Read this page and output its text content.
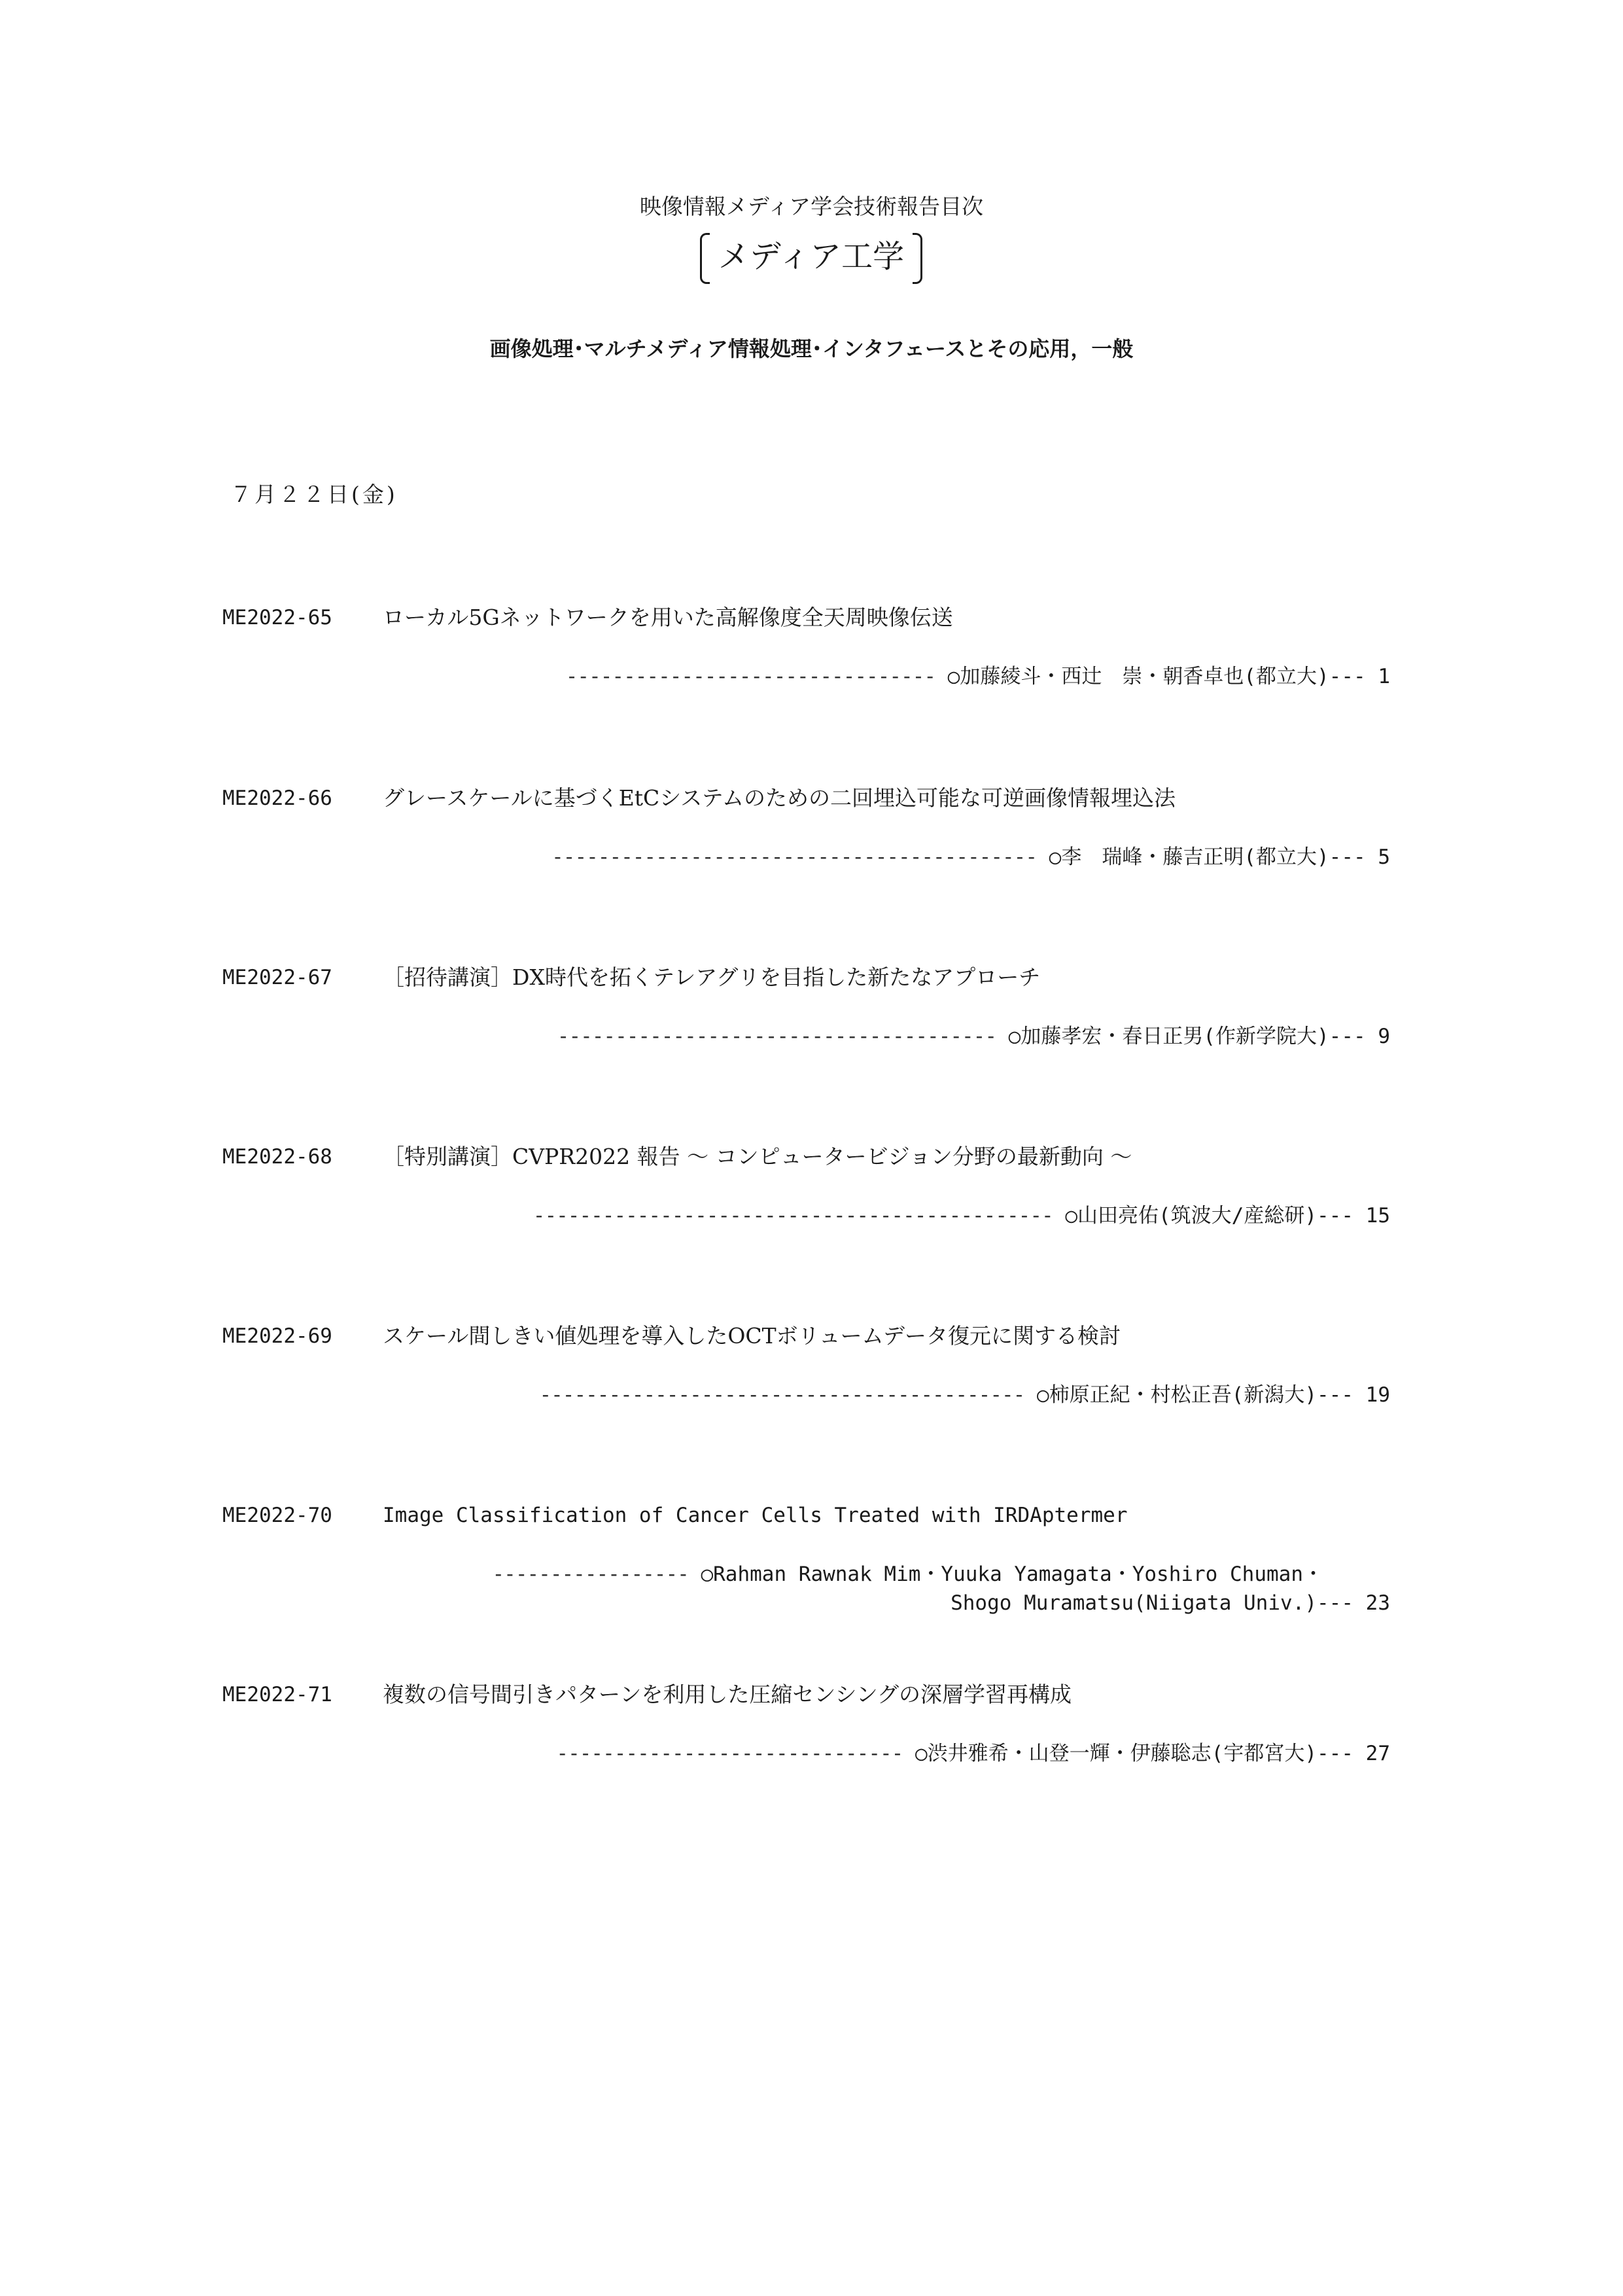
映像情報メディア学会技術報告目次
メディア工学
画像処理･マルチメディア情報処理･インタフェースとその応用，一般
７月２２日(金)
ME2022-65 ローカル5Gネットワークを用いた高解像度全天周映像伝送
-------------------------------- ○加藤綾斗・西辻　崇・朝香卓也(都立大)--- 1
ME2022-66 グレースケールに基づくEtCシステムのための二回埋込可能な可逆画像情報埋込法
------------------------------------------ ○李　瑞峰・藤吉正明(都立大)--- 5
ME2022-67 ［招待講演］DX時代を拓くテレアグリを目指した新たなアプローチ
-------------------------------------- ○加藤孝宏・春日正男(作新学院大)--- 9
ME2022-68 ［特別講演］CVPR2022 報告 ～ コンピュータービジョン分野の最新動向 ～
--------------------------------------------- ○山田亮佑(筑波大/産総研)--- 15
ME2022-69 スケール間しきい値処理を導入したOCTボリュームデータ復元に関する検討
------------------------------------------ ○柿原正紀・村松正吾(新潟大)--- 19
ME2022-70 Image Classification of Cancer Cells Treated with IRDAptermer
----------------- ○Rahman Rawnak Mim・Yuuka Yamagata・Yoshiro Chuman・
Shogo Muramatsu(Niigata Univ.)--- 23
ME2022-71 複数の信号間引きパターンを利用した圧縮センシングの深層学習再構成
------------------------------ ○渋井雅希・山登一輝・伊藤聡志(宇都宮大)--- 27
